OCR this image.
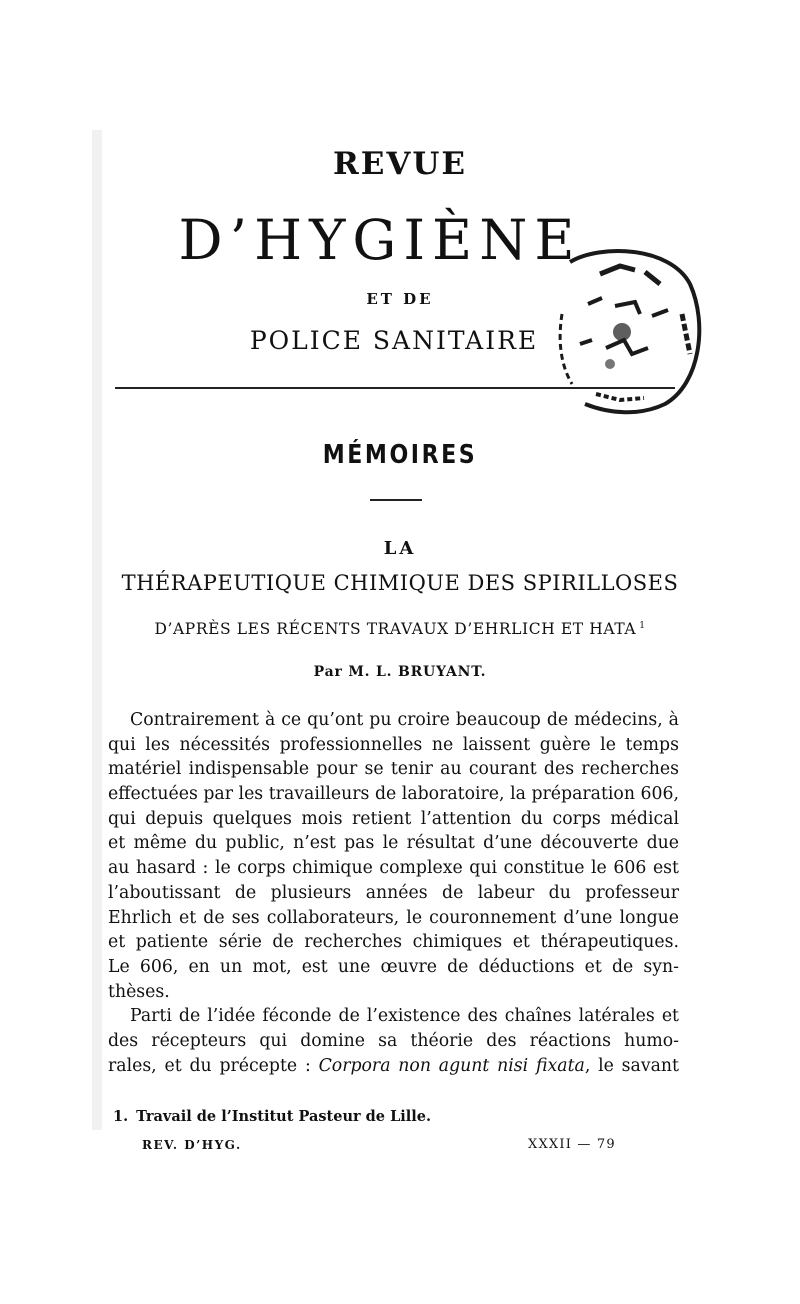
REVUE
D’HYGIÈNE
ET DE
POLICE SANITAIRE
MÉMOIRES
LA
THÉRAPEUTIQUE CHIMIQUE DES SPIRILLOSES
D’APRÈS LES RÉCENTS TRAVAUX D’EHRLICH ET HATA $^1$
Par M. L. BRUYANT.
Contrairement à ce qu’ont pu croire beaucoup de médecins, à
qui les nécessités professionnelles ne laissent guère le temps
matériel indispensable pour se tenir au courant des recherches
effectuées par les travailleurs de laboratoire, la préparation 606,
qui depuis quelques mois retient l’attention du corps médical
et même du public, n’est pas le résultat d’une découverte due
au hasard : le corps chimique complexe qui constitue le 606 est
l’aboutissant de plusieurs années de labeur du professeur
Ehrlich et de ses collaborateurs, le couronnement d’une longue
et patiente série de recherches chimiques et thérapeutiques.
Le 606, en un mot, est une œuvre de déductions et de syn-
thèses.
Parti de l’idée féconde de l’existence des chaînes latérales et
des récepteurs qui domine sa théorie des réactions humo-
rales, et du précepte : Corpora non agunt nisi fixata, le savant
1. Travail de l’Institut Pasteur de Lille.
REV. D’HYG.	XXXII — 79
